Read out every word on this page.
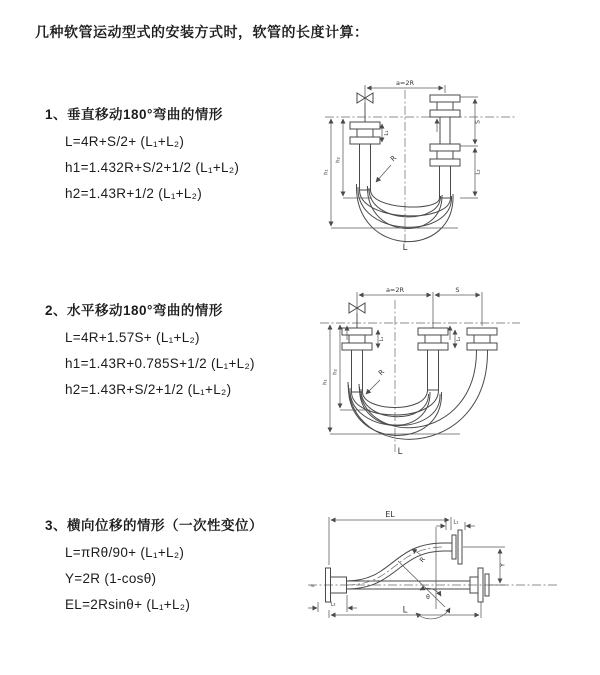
几种软管运动型式的安装方式时，软管的长度计算：

1、垂直移动180°弯曲的情形

L=4R+S/2+ (L₁+L₂)

h1=1.432R+S/2+1/2 (L₁+L₂)

h2=1.43R+1/2 (L₁+L₂)

2、水平移动180°弯曲的情形

L=4R+1.57S+ (L₁+L₂)

h1=1.43R+0.785S+1/2 (L₁+L₂)

h2=1.43R+S/2+1/2 (L₁+L₂)

3、横向位移的情形（一次性变位）

L=πRθ/90+ (L₁+L₂)

Y=2R (1-cosθ)

EL=2Rsinθ+ (L₁+L₂)

a=2R
L₁
S
L₂
h₁
h₂	R
L
a=2R	S
L₁	L₂
h₁
h₂	R
L
≈
EL
L₁
L₂
θ
R
Y
L
